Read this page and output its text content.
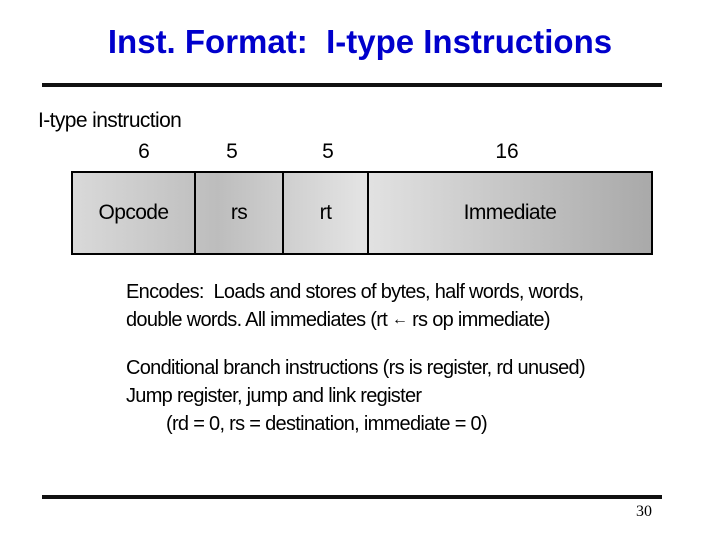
Inst. Format:  I-type Instructions
I-type instruction
6	5	5	16
Opcode	rs	rt	Immediate
Encodes:  Loads and stores of bytes, half words, words,
double words. All immediates (rt ← rs op immediate)
Conditional branch instructions (rs is register, rd unused)
Jump register, jump and link register
(rd = 0, rs = destination, immediate = 0)
30
